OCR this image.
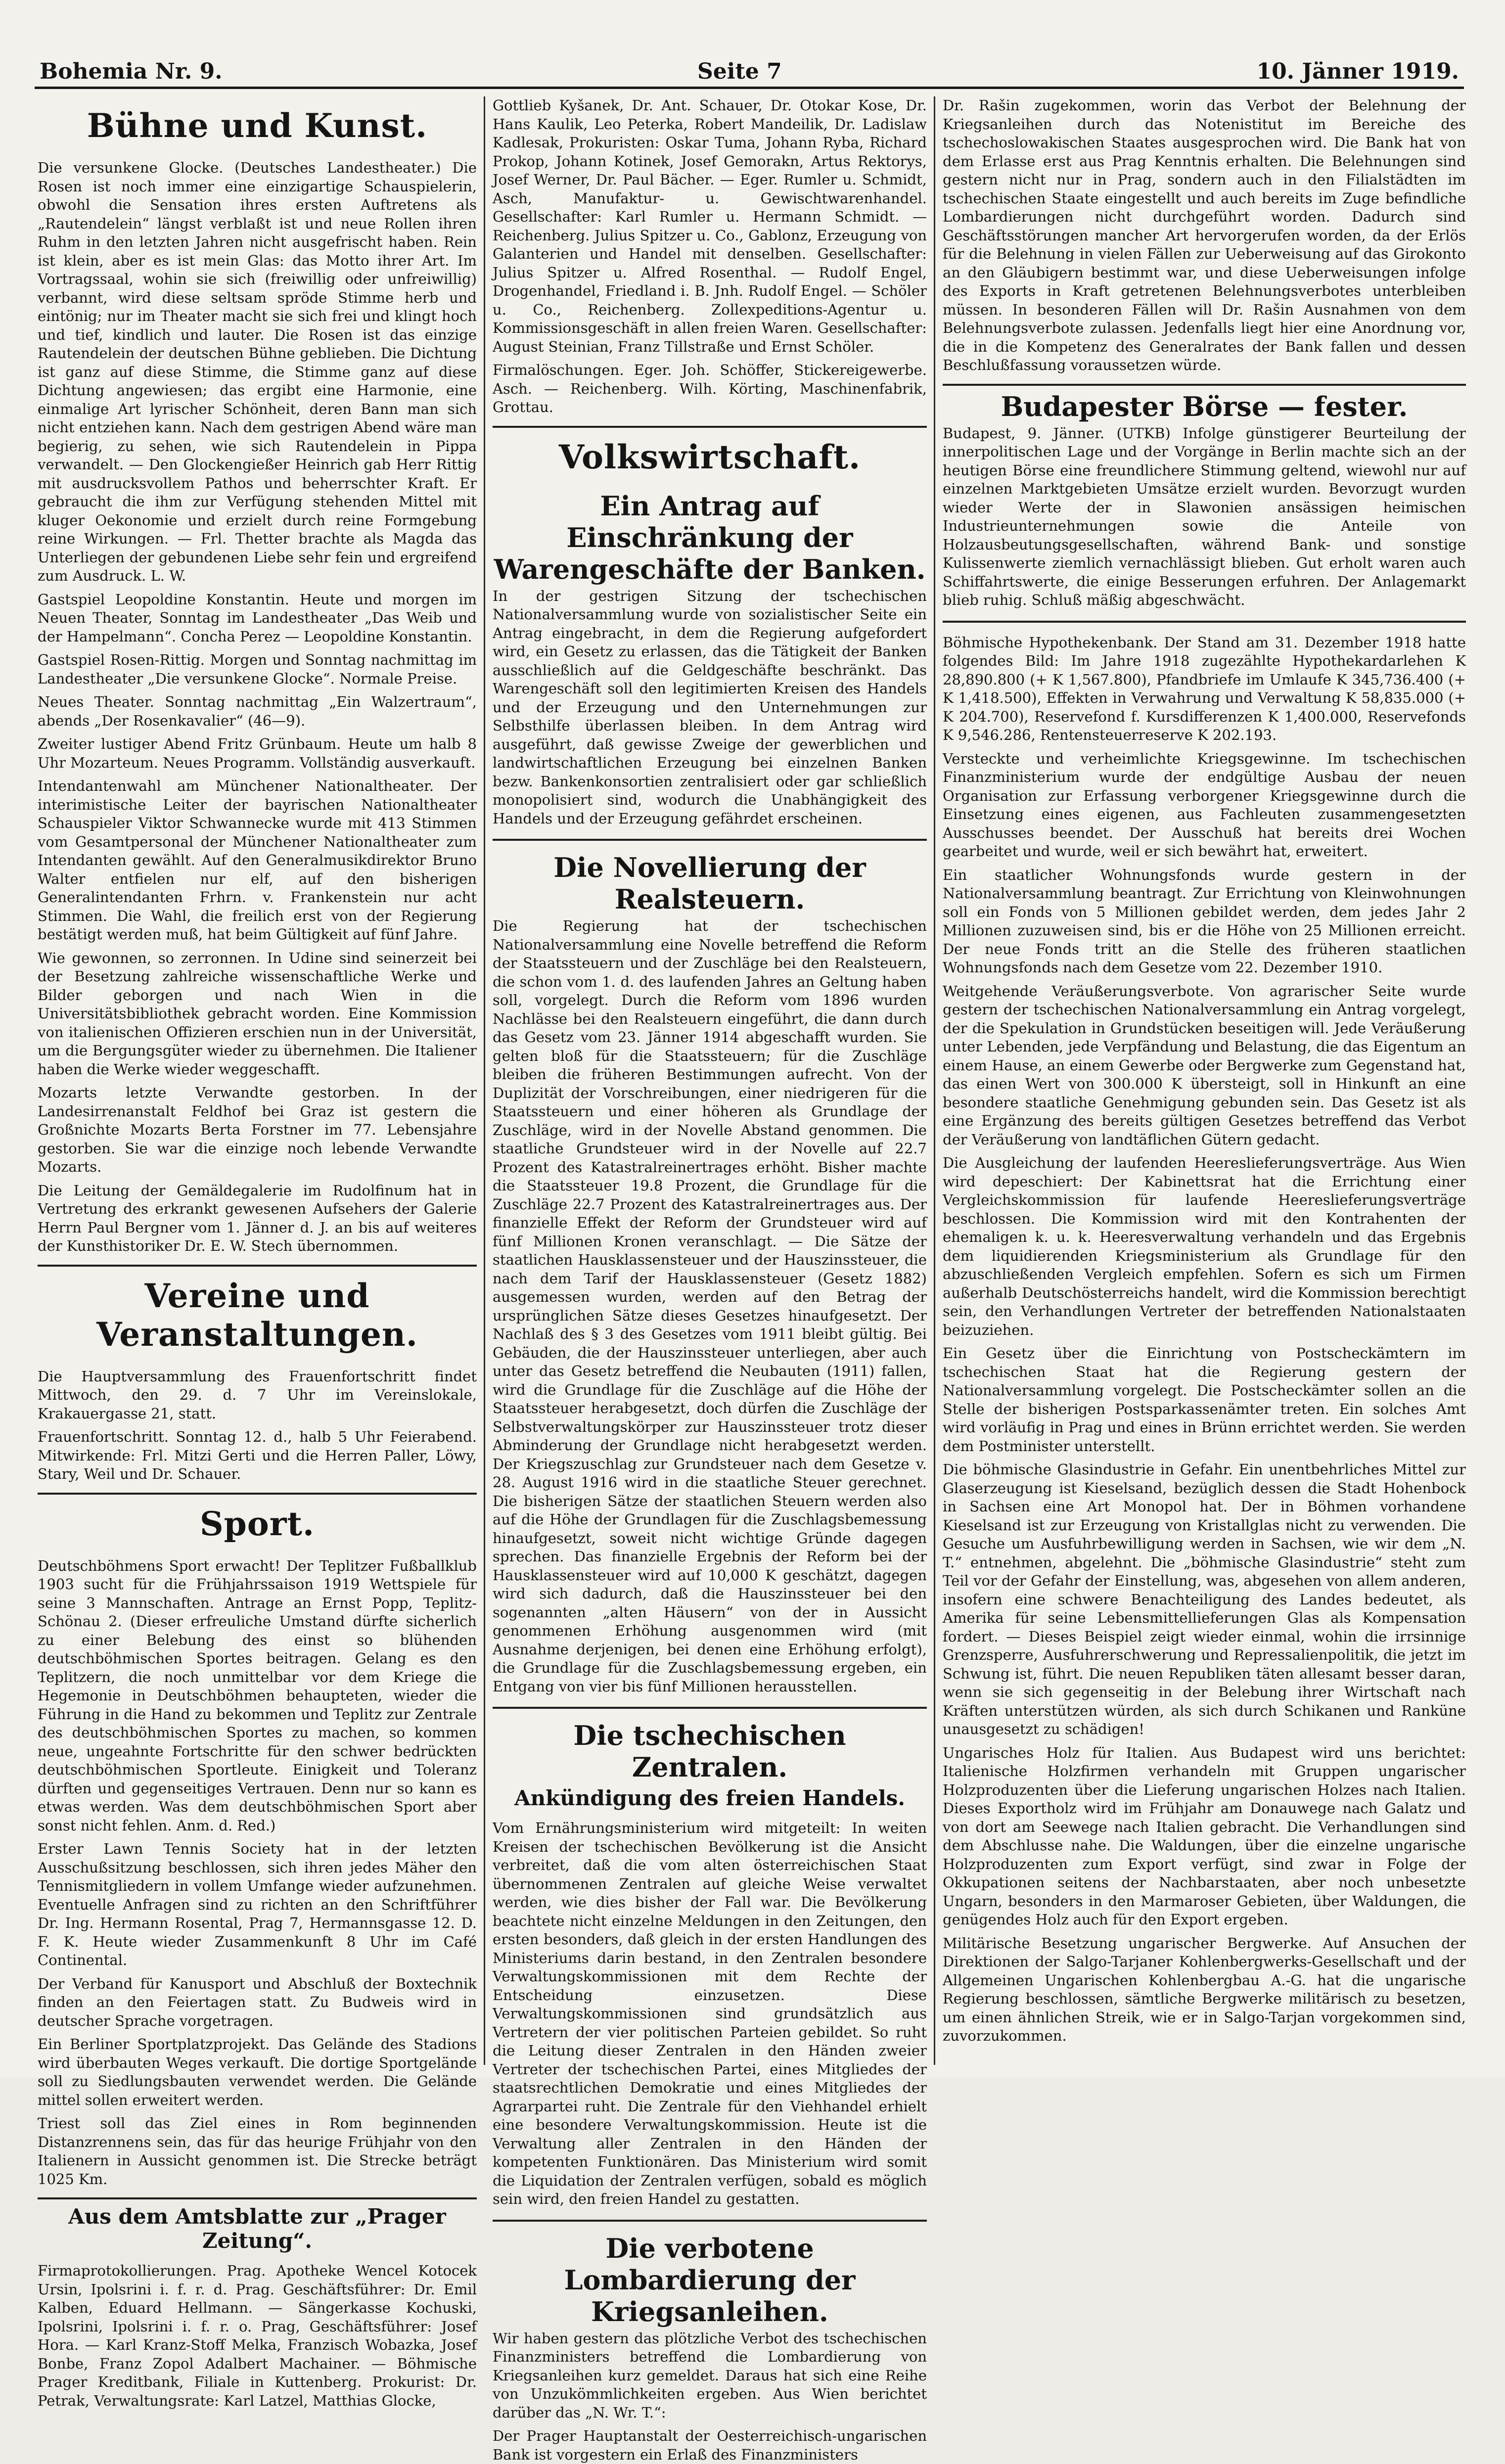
Bohemia Nr. 9.	Seite 7	10. Jänner 1919.
Bühne und Kunst.

Die versunkene Glocke. (Deutsches Landestheater.) Die Rosen ist noch immer eine einzigartige Schauspielerin, obwohl die Sensation ihres ersten Auftretens als „Rautendelein“ längst verblaßt ist und neue Rollen ihren Ruhm in den letzten Jahren nicht ausgefrischt haben. Rein ist klein, aber es ist mein Glas: das Motto ihrer Art. Im Vortragssaal, wohin sie sich (freiwillig oder unfreiwillig) verbannt, wird diese seltsam spröde Stimme herb und eintönig; nur im Theater macht sie sich frei und klingt hoch und tief, kindlich und lauter. Die Rosen ist das einzige Rautendelein der deutschen Bühne geblieben. Die Dichtung ist ganz auf diese Stimme, die Stimme ganz auf diese Dichtung angewiesen; das ergibt eine Harmonie, eine einmalige Art lyrischer Schönheit, deren Bann man sich nicht entziehen kann. Nach dem gestrigen Abend wäre man begierig, zu sehen, wie sich Rautendelein in Pippa verwandelt. — Den Glockengießer Heinrich gab Herr Rittig mit ausdrucksvollem Pathos und beherrschter Kraft. Er gebraucht die ihm zur Verfügung stehenden Mittel mit kluger Oekonomie und erzielt durch reine Formgebung reine Wirkungen. — Frl. Thetter brachte als Magda das Unterliegen der gebundenen Liebe sehr fein und ergreifend zum Ausdruck. L. W.

Gastspiel Leopoldine Konstantin. Heute und morgen im Neuen Theater, Sonntag im Landestheater „Das Weib und der Hampelmann“. Concha Perez — Leopoldine Konstantin.

Gastspiel Rosen-Rittig. Morgen und Sonntag nachmittag im Landestheater „Die versunkene Glocke“. Normale Preise.

Neues Theater. Sonntag nachmittag „Ein Walzertraum“, abends „Der Rosenkavalier“ (46—9).

Zweiter lustiger Abend Fritz Grünbaum. Heute um halb 8 Uhr Mozarteum. Neues Programm. Vollständig ausverkauft.

Intendantenwahl am Münchener Nationaltheater. Der interimistische Leiter der bayrischen Nationaltheater Schauspieler Viktor Schwannecke wurde mit 413 Stimmen vom Gesamtpersonal der Münchener Nationaltheater zum Intendanten gewählt. Auf den Generalmusikdirektor Bruno Walter entfielen nur elf, auf den bisherigen Generalintendanten Frhrn. v. Frankenstein nur acht Stimmen. Die Wahl, die freilich erst von der Regierung bestätigt werden muß, hat beim Gültigkeit auf fünf Jahre.

Wie gewonnen, so zerronnen. In Udine sind seinerzeit bei der Besetzung zahlreiche wissenschaftliche Werke und Bilder geborgen und nach Wien in die Universitätsbibliothek gebracht worden. Eine Kommission von italienischen Offizieren erschien nun in der Universität, um die Bergungsgüter wieder zu übernehmen. Die Italiener haben die Werke wieder weggeschafft.

Mozarts letzte Verwandte gestorben. In der Landesirrenanstalt Feldhof bei Graz ist gestern die Großnichte Mozarts Berta Forstner im 77. Lebensjahre gestorben. Sie war die einzige noch lebende Verwandte Mozarts.

Die Leitung der Gemäldegalerie im Rudolfinum hat in Vertretung des erkrankt gewesenen Aufsehers der Galerie Herrn Paul Bergner vom 1. Jänner d. J. an bis auf weiteres der Kunsthistoriker Dr. E. W. Stech übernommen.

Vereine und Veranstaltungen.

Die Hauptversammlung des Frauenfortschritt findet Mittwoch, den 29. d. 7 Uhr im Vereinslokale, Krakauergasse 21, statt.

Frauenfortschritt. Sonntag 12. d., halb 5 Uhr Feierabend. Mitwirkende: Frl. Mitzi Gerti und die Herren Paller, Löwy, Stary, Weil und Dr. Schauer.

Sport.

Deutschböhmens Sport erwacht! Der Teplitzer Fußballklub 1903 sucht für die Frühjahrssaison 1919 Wettspiele für seine 3 Mannschaften. Antrage an Ernst Popp, Teplitz-Schönau 2. (Dieser erfreuliche Umstand dürfte sicherlich zu einer Belebung des einst so blühenden deutschböhmischen Sportes beitragen. Gelang es den Teplitzern, die noch unmittelbar vor dem Kriege die Hegemonie in Deutschböhmen behaupteten, wieder die Führung in die Hand zu bekommen und Teplitz zur Zentrale des deutschböhmischen Sportes zu machen, so kommen neue, ungeahnte Fortschritte für den schwer bedrückten deutschböhmischen Sportleute. Einigkeit und Toleranz dürften und gegenseitiges Vertrauen. Denn nur so kann es etwas werden. Was dem deutschböhmischen Sport aber sonst nicht fehlen. Anm. d. Red.)

Erster Lawn Tennis Society hat in der letzten Ausschußsitzung beschlossen, sich ihren jedes Mäher den Tennismitgliedern in vollem Umfange wieder aufzunehmen. Eventuelle Anfragen sind zu richten an den Schriftführer Dr. Ing. Hermann Rosental, Prag 7, Hermannsgasse 12. D. F. K. Heute wieder Zusammenkunft 8 Uhr im Café Continental.

Der Verband für Kanusport und Abschluß der Boxtechnik finden an den Feiertagen statt. Zu Budweis wird in deutscher Sprache vorgetragen.

Ein Berliner Sportplatzprojekt. Das Gelände des Stadions wird überbauten Weges verkauft. Die dortige Sportgelände soll zu Siedlungsbauten verwendet werden. Die Gelände mittel sollen erweitert werden.

Triest soll das Ziel eines in Rom beginnenden Distanzrennens sein, das für das heurige Frühjahr von den Italienern in Aussicht genommen ist. Die Strecke beträgt 1025 Km.

Aus dem Amtsblatte zur „Prager Zeitung“.

Firmaprotokollierungen. Prag. Apotheke Wencel Kotocek Ursin, Ipolsrini i. f. r. d. Prag. Geschäftsführer: Dr. Emil Kalben, Eduard Hellmann. — Sängerkasse Kochuski, Ipolsrini, Ipolsrini i. f. r. o. Prag, Geschäftsführer: Josef Hora. — Karl Kranz-Stoff Melka, Franzisch Wobazka, Josef Bonbe, Franz Zopol Adalbert Machainer. — Böhmische Prager Kreditbank, Filiale in Kuttenberg. Prokurist: Dr. Petrak, Verwaltungsrate: Karl Latzel, Matthias Glocke,

Gottlieb Kyšanek, Dr. Ant. Schauer, Dr. Otokar Kose, Dr. Hans Kaulik, Leo Peterka, Robert Mandeilik, Dr. Ladislaw Kadlesak, Prokuristen: Oskar Tuma, Johann Ryba, Richard Prokop, Johann Kotinek, Josef Gemorakn, Artus Rektorys, Josef Werner, Dr. Paul Bächer. — Eger. Rumler u. Schmidt, Asch, Manufaktur- u. Gewischtwarenhandel. Gesellschafter: Karl Rumler u. Hermann Schmidt. — Reichenberg. Julius Spitzer u. Co., Gablonz, Erzeugung von Galanterien und Handel mit denselben. Gesellschafter: Julius Spitzer u. Alfred Rosenthal. — Rudolf Engel, Drogenhandel, Friedland i. B. Jnh. Rudolf Engel. — Schöler u. Co., Reichenberg. Zollexpeditions-Agentur u. Kommissionsgeschäft in allen freien Waren. Gesellschafter: August Steinian, Franz Tillstraße und Ernst Schöler.

Firmalöschungen. Eger. Joh. Schöffer, Stickereigewerbe. Asch. — Reichenberg. Wilh. Körting, Maschinenfabrik, Grottau.

Volkswirtschaft.
Ein Antrag auf Einschränkung der Warengeschäfte der Banken.

In der gestrigen Sitzung der tschechischen Nationalversammlung wurde von sozialistischer Seite ein Antrag eingebracht, in dem die Regierung aufgefordert wird, ein Gesetz zu erlassen, das die Tätigkeit der Banken ausschließlich auf die Geldgeschäfte beschränkt. Das Warengeschäft soll den legitimierten Kreisen des Handels und der Erzeugung und den Unternehmungen zur Selbsthilfe überlassen bleiben. In dem Antrag wird ausgeführt, daß gewisse Zweige der gewerblichen und landwirtschaftlichen Erzeugung bei einzelnen Banken bezw. Bankenkonsortien zentralisiert oder gar schließlich monopolisiert sind, wodurch die Unabhängigkeit des Handels und der Erzeugung gefährdet erscheinen.

Die Novellierung der Realsteuern.

Die Regierung hat der tschechischen Nationalversammlung eine Novelle betreffend die Reform der Staatssteuern und der Zuschläge bei den Realsteuern, die schon vom 1. d. des laufenden Jahres an Geltung haben soll, vorgelegt. Durch die Reform vom 1896 wurden Nachlässe bei den Realsteuern eingeführt, die dann durch das Gesetz vom 23. Jänner 1914 abgeschafft wurden. Sie gelten bloß für die Staatssteuern; für die Zuschläge bleiben die früheren Bestimmungen aufrecht. Von der Duplizität der Vorschreibungen, einer niedrigeren für die Staatssteuern und einer höheren als Grundlage der Zuschläge, wird in der Novelle Abstand genommen. Die staatliche Grundsteuer wird in der Novelle auf 22.7 Prozent des Katastralreinertrages erhöht. Bisher machte die Staatssteuer 19.8 Prozent, die Grundlage für die Zuschläge 22.7 Prozent des Katastralreinertrages aus. Der finanzielle Effekt der Reform der Grundsteuer wird auf fünf Millionen Kronen veranschlagt. — Die Sätze der staatlichen Hausklassensteuer und der Hauszinssteuer, die nach dem Tarif der Hausklassensteuer (Gesetz 1882) ausgemessen wurden, werden auf den Betrag der ursprünglichen Sätze dieses Gesetzes hinaufgesetzt. Der Nachlaß des § 3 des Gesetzes vom 1911 bleibt gültig. Bei Gebäuden, die der Hauszinssteuer unterliegen, aber auch unter das Gesetz betreffend die Neubauten (1911) fallen, wird die Grundlage für die Zuschläge auf die Höhe der Staatssteuer herabgesetzt, doch dürfen die Zuschläge der Selbstverwaltungskörper zur Hauszinssteuer trotz dieser Abminderung der Grundlage nicht herabgesetzt werden. Der Kriegszuschlag zur Grundsteuer nach dem Gesetze v. 28. August 1916 wird in die staatliche Steuer gerechnet. Die bisherigen Sätze der staatlichen Steuern werden also auf die Höhe der Grundlagen für die Zuschlagsbemessung hinaufgesetzt, soweit nicht wichtige Gründe dagegen sprechen. Das finanzielle Ergebnis der Reform bei der Hausklassensteuer wird auf 10,000 K geschätzt, dagegen wird sich dadurch, daß die Hauszinssteuer bei den sogenannten „alten Häusern“ von der in Aussicht genommenen Erhöhung ausgenommen wird (mit Ausnahme derjenigen, bei denen eine Erhöhung erfolgt), die Grundlage für die Zuschlagsbemessung ergeben, ein Entgang von vier bis fünf Millionen herausstellen.

Die tschechischen Zentralen.
Ankündigung des freien Handels.

Vom Ernährungsministerium wird mitgeteilt: In weiten Kreisen der tschechischen Bevölkerung ist die Ansicht verbreitet, daß die vom alten österreichischen Staat übernommenen Zentralen auf gleiche Weise verwaltet werden, wie dies bisher der Fall war. Die Bevölkerung beachtete nicht einzelne Meldungen in den Zeitungen, den ersten besonders, daß gleich in der ersten Handlungen des Ministeriums darin bestand, in den Zentralen besondere Verwaltungskommissionen mit dem Rechte der Entscheidung einzusetzen. Diese Verwaltungskommissionen sind grundsätzlich aus Vertretern der vier politischen Parteien gebildet. So ruht die Leitung dieser Zentralen in den Händen zweier Vertreter der tschechischen Partei, eines Mitgliedes der staatsrechtlichen Demokratie und eines Mitgliedes der Agrarpartei ruht. Die Zentrale für den Viehhandel erhielt eine besondere Verwaltungskommission. Heute ist die Verwaltung aller Zentralen in den Händen der kompetenten Funktionären. Das Ministerium wird somit die Liquidation der Zentralen verfügen, sobald es möglich sein wird, den freien Handel zu gestatten.

Die verbotene Lombardierung der Kriegsanleihen.

Wir haben gestern das plötzliche Verbot des tschechischen Finanzministers betreffend die Lombardierung von Kriegsanleihen kurz gemeldet. Daraus hat sich eine Reihe von Unzukömmlichkeiten ergeben. Aus Wien berichtet darüber das „N. Wr. T.“:

Der Prager Hauptanstalt der Oesterreichisch-ungarischen Bank ist vorgestern ein Erlaß des Finanzministers

Dr. Rašin zugekommen, worin das Verbot der Belehnung der Kriegsanleihen durch das Notenistitut im Bereiche des tschechoslowakischen Staates ausgesprochen wird. Die Bank hat von dem Erlasse erst aus Prag Kenntnis erhalten. Die Belehnungen sind gestern nicht nur in Prag, sondern auch in den Filialstädten im tschechischen Staate eingestellt und auch bereits im Zuge befindliche Lombardierungen nicht durchgeführt worden. Dadurch sind Geschäftsstörungen mancher Art hervorgerufen worden, da der Erlös für die Belehnung in vielen Fällen zur Ueberweisung auf das Girokonto an den Gläubigern bestimmt war, und diese Ueberweisungen infolge des Exports in Kraft getretenen Belehnungsverbotes unterbleiben müssen. In besonderen Fällen will Dr. Rašin Ausnahmen von dem Belehnungsverbote zulassen. Jedenfalls liegt hier eine Anordnung vor, die in die Kompetenz des Generalrates der Bank fallen und dessen Beschlußfassung voraussetzen würde.

Budapester Börse — fester.

Budapest, 9. Jänner. (UTKB) Infolge günstigerer Beurteilung der innerpolitischen Lage und der Vorgänge in Berlin machte sich an der heutigen Börse eine freundlichere Stimmung geltend, wiewohl nur auf einzelnen Marktgebieten Umsätze erzielt wurden. Bevorzugt wurden wieder Werte der in Slawonien ansässigen heimischen Industrieunternehmungen sowie die Anteile von Holzausbeutungsgesellschaften, während Bank- und sonstige Kulissenwerte ziemlich vernachlässigt blieben. Gut erholt waren auch Schiffahrtswerte, die einige Besserungen erfuhren. Der Anlagemarkt blieb ruhig. Schluß mäßig abgeschwächt.

Böhmische Hypothekenbank. Der Stand am 31. Dezember 1918 hatte folgendes Bild: Im Jahre 1918 zugezählte Hypothekardarlehen K 28,890.800 (+ K 1,567.800), Pfandbriefe im Umlaufe K 345,736.400 (+ K 1,418.500), Effekten in Verwahrung und Verwaltung K 58,835.000 (+ K 204.700), Reservefond f. Kursdifferenzen K 1,400.000, Reservefonds K 9,546.286, Rentensteuerreserve K 202.193.

Versteckte und verheimlichte Kriegsgewinne. Im tschechischen Finanzministerium wurde der endgültige Ausbau der neuen Organisation zur Erfassung verborgener Kriegsgewinne durch die Einsetzung eines eigenen, aus Fachleuten zusammengesetzten Ausschusses beendet. Der Ausschuß hat bereits drei Wochen gearbeitet und wurde, weil er sich bewährt hat, erweitert.

Ein staatlicher Wohnungsfonds wurde gestern in der Nationalversammlung beantragt. Zur Errichtung von Kleinwohnungen soll ein Fonds von 5 Millionen gebildet werden, dem jedes Jahr 2 Millionen zuzuweisen sind, bis er die Höhe von 25 Millionen erreicht. Der neue Fonds tritt an die Stelle des früheren staatlichen Wohnungsfonds nach dem Gesetze vom 22. Dezember 1910.

Weitgehende Veräußerungsverbote. Von agrarischer Seite wurde gestern der tschechischen Nationalversammlung ein Antrag vorgelegt, der die Spekulation in Grundstücken beseitigen will. Jede Veräußerung unter Lebenden, jede Verpfändung und Belastung, die das Eigentum an einem Hause, an einem Gewerbe oder Bergwerke zum Gegenstand hat, das einen Wert von 300.000 K übersteigt, soll in Hinkunft an eine besondere staatliche Genehmigung gebunden sein. Das Gesetz ist als eine Ergänzung des bereits gültigen Gesetzes betreffend das Verbot der Veräußerung von landtäflichen Gütern gedacht.

Die Ausgleichung der laufenden Heereslieferungsverträge. Aus Wien wird depeschiert: Der Kabinettsrat hat die Errichtung einer Vergleichskommission für laufende Heereslieferungsverträge beschlossen. Die Kommission wird mit den Kontrahenten der ehemaligen k. u. k. Heeresverwaltung verhandeln und das Ergebnis dem liquidierenden Kriegsministerium als Grundlage für den abzuschließenden Vergleich empfehlen. Sofern es sich um Firmen außerhalb Deutschösterreichs handelt, wird die Kommission berechtigt sein, den Verhandlungen Vertreter der betreffenden Nationalstaaten beizuziehen.

Ein Gesetz über die Einrichtung von Postscheckämtern im tschechischen Staat hat die Regierung gestern der Nationalversammlung vorgelegt. Die Postscheckämter sollen an die Stelle der bisherigen Postsparkassenämter treten. Ein solches Amt wird vorläufig in Prag und eines in Brünn errichtet werden. Sie werden dem Postminister unterstellt.

Die böhmische Glasindustrie in Gefahr. Ein unentbehrliches Mittel zur Glaserzeugung ist Kieselsand, bezüglich dessen die Stadt Hohenbock in Sachsen eine Art Monopol hat. Der in Böhmen vorhandene Kieselsand ist zur Erzeugung von Kristallglas nicht zu verwenden. Die Gesuche um Ausfuhrbewilligung werden in Sachsen, wie wir dem „N. T.“ entnehmen, abgelehnt. Die „böhmische Glasindustrie“ steht zum Teil vor der Gefahr der Einstellung, was, abgesehen von allem anderen, insofern eine schwere Benachteiligung des Landes bedeutet, als Amerika für seine Lebensmittellieferungen Glas als Kompensation fordert. — Dieses Beispiel zeigt wieder einmal, wohin die irrsinnige Grenzsperre, Ausfuhrerschwerung und Repressalienpolitik, die jetzt im Schwung ist, führt. Die neuen Republiken täten allesamt besser daran, wenn sie sich gegenseitig in der Belebung ihrer Wirtschaft nach Kräften unterstützen würden, als sich durch Schikanen und Ranküne unausgesetzt zu schädigen!

Ungarisches Holz für Italien. Aus Budapest wird uns berichtet: Italienische Holzfirmen verhandeln mit Gruppen ungarischer Holzproduzenten über die Lieferung ungarischen Holzes nach Italien. Dieses Exportholz wird im Frühjahr am Donauwege nach Galatz und von dort am Seewege nach Italien gebracht. Die Verhandlungen sind dem Abschlusse nahe. Die Waldungen, über die einzelne ungarische Holzproduzenten zum Export verfügt, sind zwar in Folge der Okkupationen seitens der Nachbarstaaten, aber noch unbesetzte Ungarn, besonders in den Marmaroser Gebieten, über Waldungen, die genügendes Holz auch für den Export ergeben.

Militärische Besetzung ungarischer Bergwerke. Auf Ansuchen der Direktionen der Salgo-Tarjaner Kohlenbergwerks-Gesellschaft und der Allgemeinen Ungarischen Kohlenbergbau A.-G. hat die ungarische Regierung beschlossen, sämtliche Bergwerke militärisch zu besetzen, um einen ähnlichen Streik, wie er in Salgo-Tarjan vorgekommen sind, zuvorzukommen.
